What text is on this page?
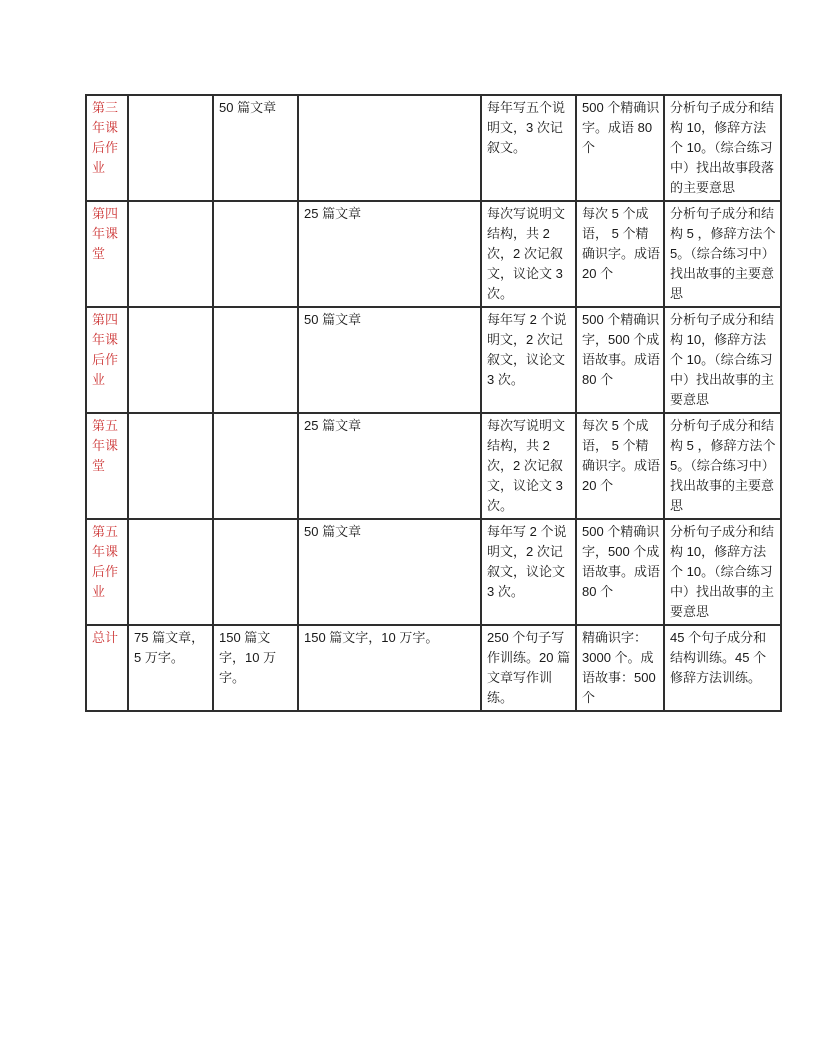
第三年课后作业		50 篇文章		每年写五个说明文，3 次记叙文。	500 个精确识字。成语 80 个	分析句子成分和结构 10，修辞方法个 10。（综合练习中）找出故事段落的主要意思
第四年课堂			25 篇文章	每次写说明文结构，共 2 次，2 次记叙文，议论文 3 次。	每次 5 个成语， 5 个精确识字。成语 20 个	分析句子成分和结构 5 ，修辞方法个 5。（综合练习中）找出故事的主要意思
第四年课后作业			50 篇文章	每年写 2 个说明文，2 次记叙文，议论文 3 次。	500 个精确识字，500 个成语故事。成语 80 个	分析句子成分和结构 10，修辞方法个 10。（综合练习中）找出故事的主要意思
第五年课堂			25 篇文章	每次写说明文结构，共 2 次，2 次记叙文，议论文 3 次。	每次 5 个成语， 5 个精确识字。成语 20 个	分析句子成分和结构 5 ，修辞方法个 5。（综合练习中）找出故事的主要意思
第五年课后作业			50 篇文章	每年写 2 个说明文，2 次记叙文，议论文 3 次。	500 个精确识字，500 个成语故事。成语 80 个	分析句子成分和结构 10，修辞方法个 10。（综合练习中）找出故事的主要意思
总计	75 篇文章，5 万字。	150 篇文字，10 万字。	150 篇文字，10 万字。	250 个句子写作训练。20 篇文章写作训练。	精确识字：3000 个。成语故事：500 个	45 个句子成分和结构训练。45 个修辞方法训练。
